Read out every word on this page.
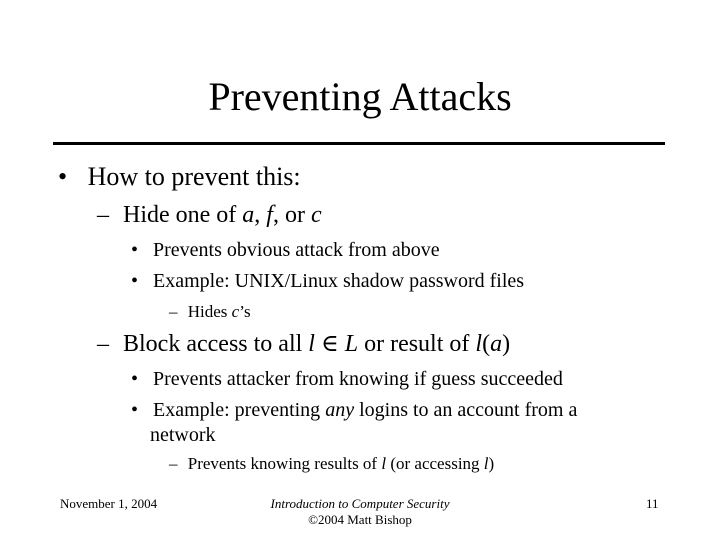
Preventing Attacks
• How to prevent this:
– Hide one of a, f, or c
• Prevents obvious attack from above
• Example: UNIX/Linux shadow password files
– Hides c’s
– Block access to all l ∈ L or result of l(a)
• Prevents attacker from knowing if guess succeeded
• Example: preventing any logins to an account from a
network
– Prevents knowing results of l (or accessing l)
November 1, 2004	Introduction to Computer Security
©2004 Matt Bishop
11
